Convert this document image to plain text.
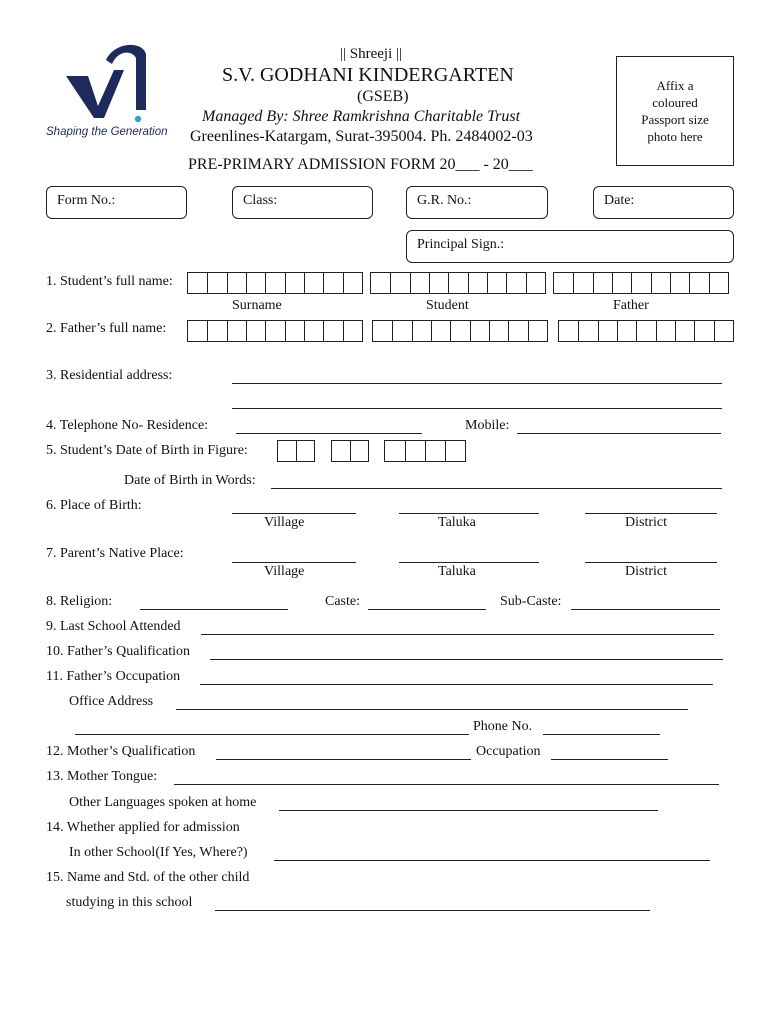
Shaping the Generation
|| Shreeji ||
S.V. GODHANI KINDERGARTEN
(GSEB)
Managed By: Shree Ramkrishna Charitable Trust
Greenlines-Katargam, Surat-395004. Ph. 2484002-03
PRE-PRIMARY ADMISSION FORM 20___ - 20___
Affix a
coloured
Passport size
photo here
Form No.:	Class:	G.R. No.:	Date:
Principal Sign.:
1. Student’s full name:
Surname	Student	Father
2. Father’s full name:
3. Residential address:
4. Telephone No- Residence:	Mobile:
5. Student’s Date of Birth in Figure:
Date of Birth in Words:
6. Place of Birth:
Village	Taluka	District
7. Parent’s Native Place:
Village	Taluka	District
8. Religion:	Caste:	Sub-Caste:
9. Last School Attended
10. Father’s Qualification
11. Father’s Occupation
Office Address
Phone No.
12. Mother’s Qualification	Occupation
13. Mother Tongue:
Other Languages spoken at home
14. Whether applied for admission
In other School(If Yes, Where?)
15. Name and Std. of the other child
studying in this school
